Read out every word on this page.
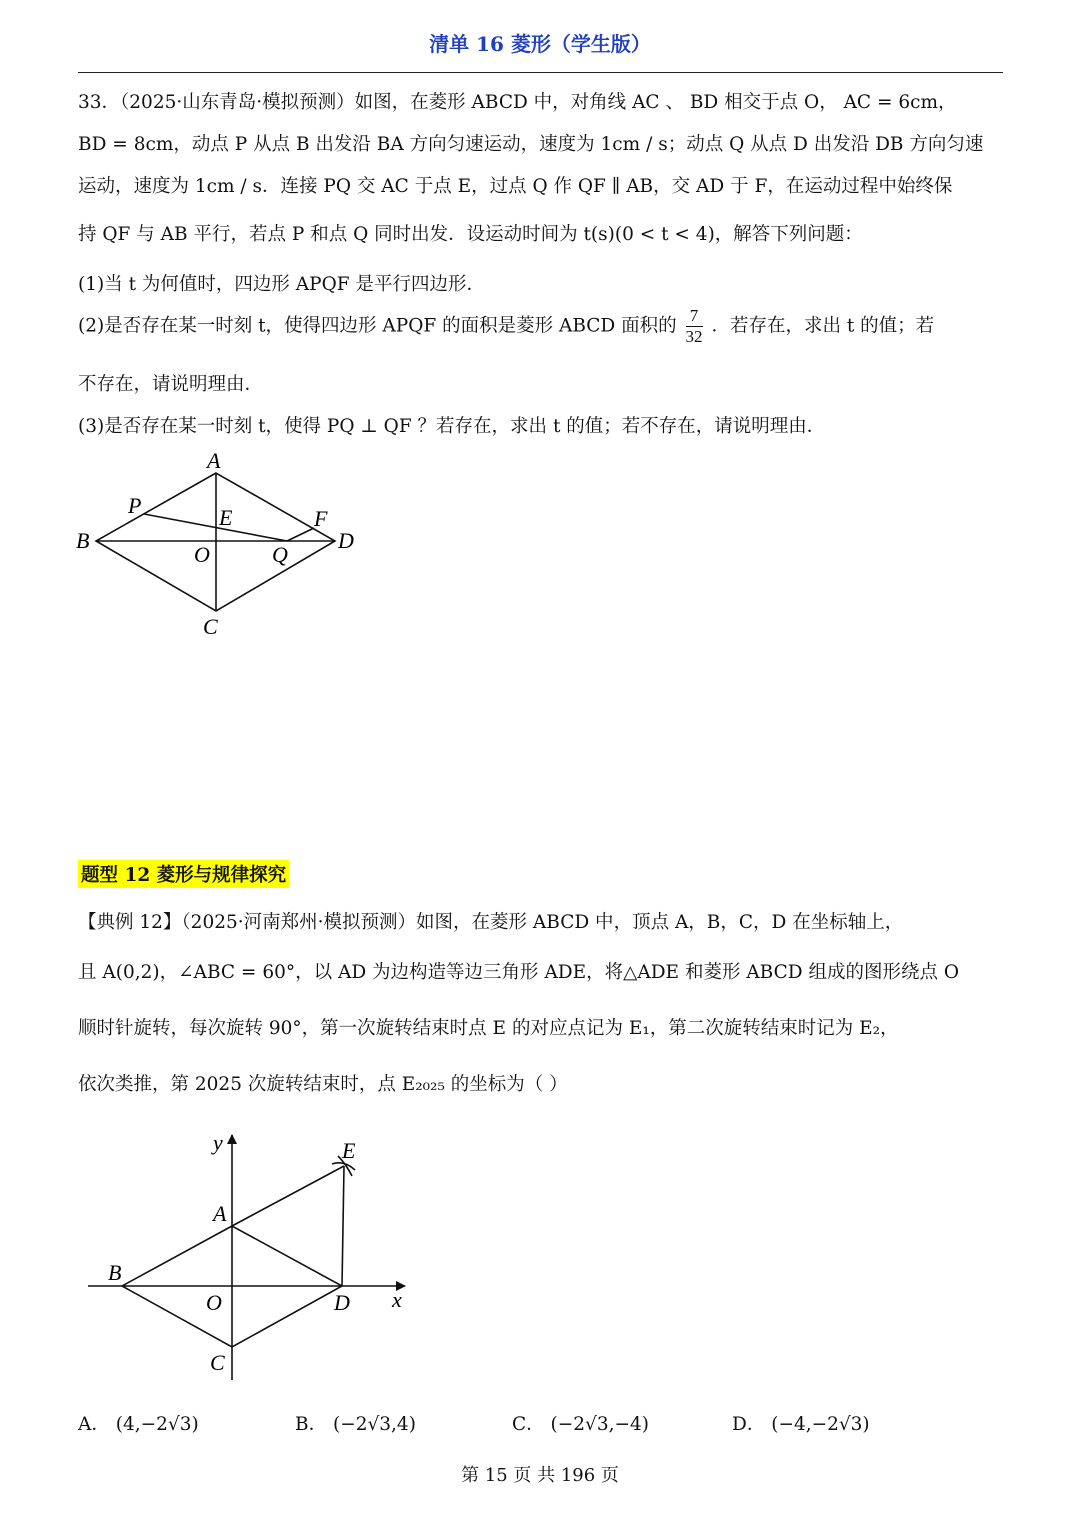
清单 16 菱形（学生版）
33．（2025·山东青岛·模拟预测）如图，在菱形 ABCD 中，对角线 AC 、 BD 相交于点 O， AC = 6cm，
BD = 8cm，动点 P 从点 B 出发沿 BA 方向匀速运动，速度为 1cm / s；动点 Q 从点 D 出发沿 DB 方向匀速
运动，速度为 1cm / s．连接 PQ 交 AC 于点 E，过点 Q 作 QF ∥ AB，交 AD 于 F，在运动过程中始终保
持 QF 与 AB 平行，若点 P 和点 Q 同时出发．设运动时间为 t(s)(0 < t < 4)，解答下列问题：
(1)当 t 为何值时，四边形 APQF 是平行四边形．
(2)是否存在某一时刻 t，使得四边形 APQF 的面积是菱形 ABCD 面积的 $\frac{7}{32}$ ．若存在，求出 t 的值；若
不存在，请说明理由．
(3)是否存在某一时刻 t，使得 PQ ⊥ QF ？若存在，求出 t 的值；若不存在，请说明理由．
A
B
C
D
O
P	E	F
Q
题型 12 菱形与规律探究
【典例 12】（2025·河南郑州·模拟预测）如图，在菱形 ABCD 中，顶点 A，B，C，D 在坐标轴上，
且 A(0,2)，∠ABC = 60°，以 AD 为边构造等边三角形 ADE，将△ADE 和菱形 ABCD 组成的图形绕点 O
顺时针旋转，每次旋转 90°，第一次旋转结束时点 E 的对应点记为 E₁，第二次旋转结束时记为 E₂，
依次类推，第 2025 次旋转结束时，点 E₂₀₂₅ 的坐标为（ ）
y
x
E
A
B
O	D
C
A． (4,−2√3)	B． (−2√3,4)	C． (−2√3,−4)	D． (−4,−2√3)
第 15 页 共 196 页
